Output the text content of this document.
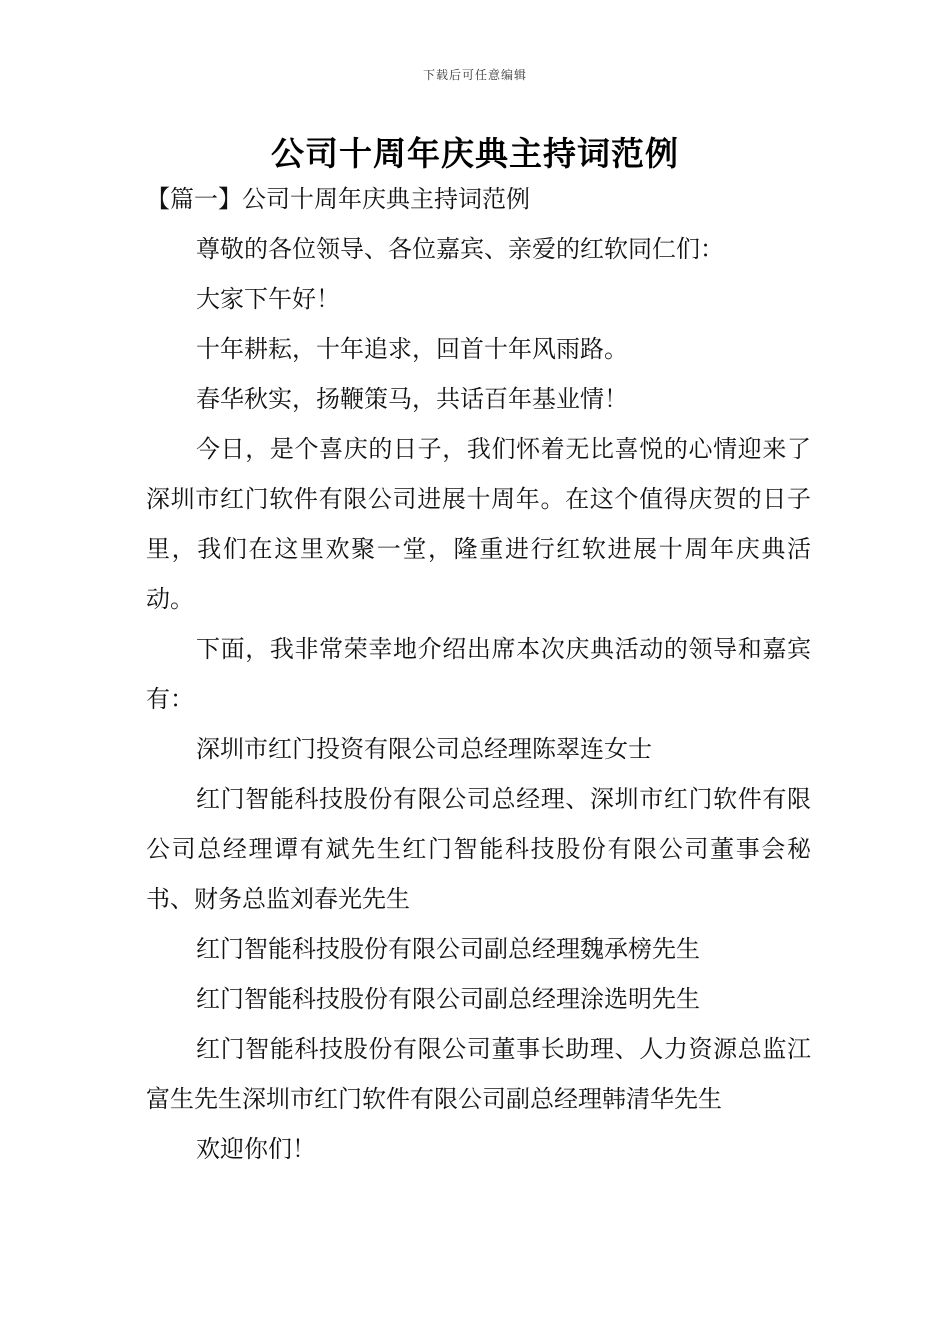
下载后可任意编辑
公司十周年庆典主持词范例

【篇一】公司十周年庆典主持词范例

尊敬的各位领导、各位嘉宾、亲爱的红软同仁们：

大家下午好！

十年耕耘，十年追求，回首十年风雨路。

春华秋实，扬鞭策马，共话百年基业情！

今日，是个喜庆的日子，我们怀着无比喜悦的心情迎来了深圳市红门软件有限公司进展十周年。在这个值得庆贺的日子里，我们在这里欢聚一堂，隆重进行红软进展十周年庆典活动。

下面，我非常荣幸地介绍出席本次庆典活动的领导和嘉宾有：

深圳市红门投资有限公司总经理陈翠连女士

红门智能科技股份有限公司总经理、深圳市红门软件有限公司总经理谭有斌先生红门智能科技股份有限公司董事会秘书、财务总监刘春光先生

红门智能科技股份有限公司副总经理魏承榜先生

红门智能科技股份有限公司副总经理涂选明先生

红门智能科技股份有限公司董事长助理、人力资源总监江富生先生深圳市红门软件有限公司副总经理韩清华先生

欢迎你们！
